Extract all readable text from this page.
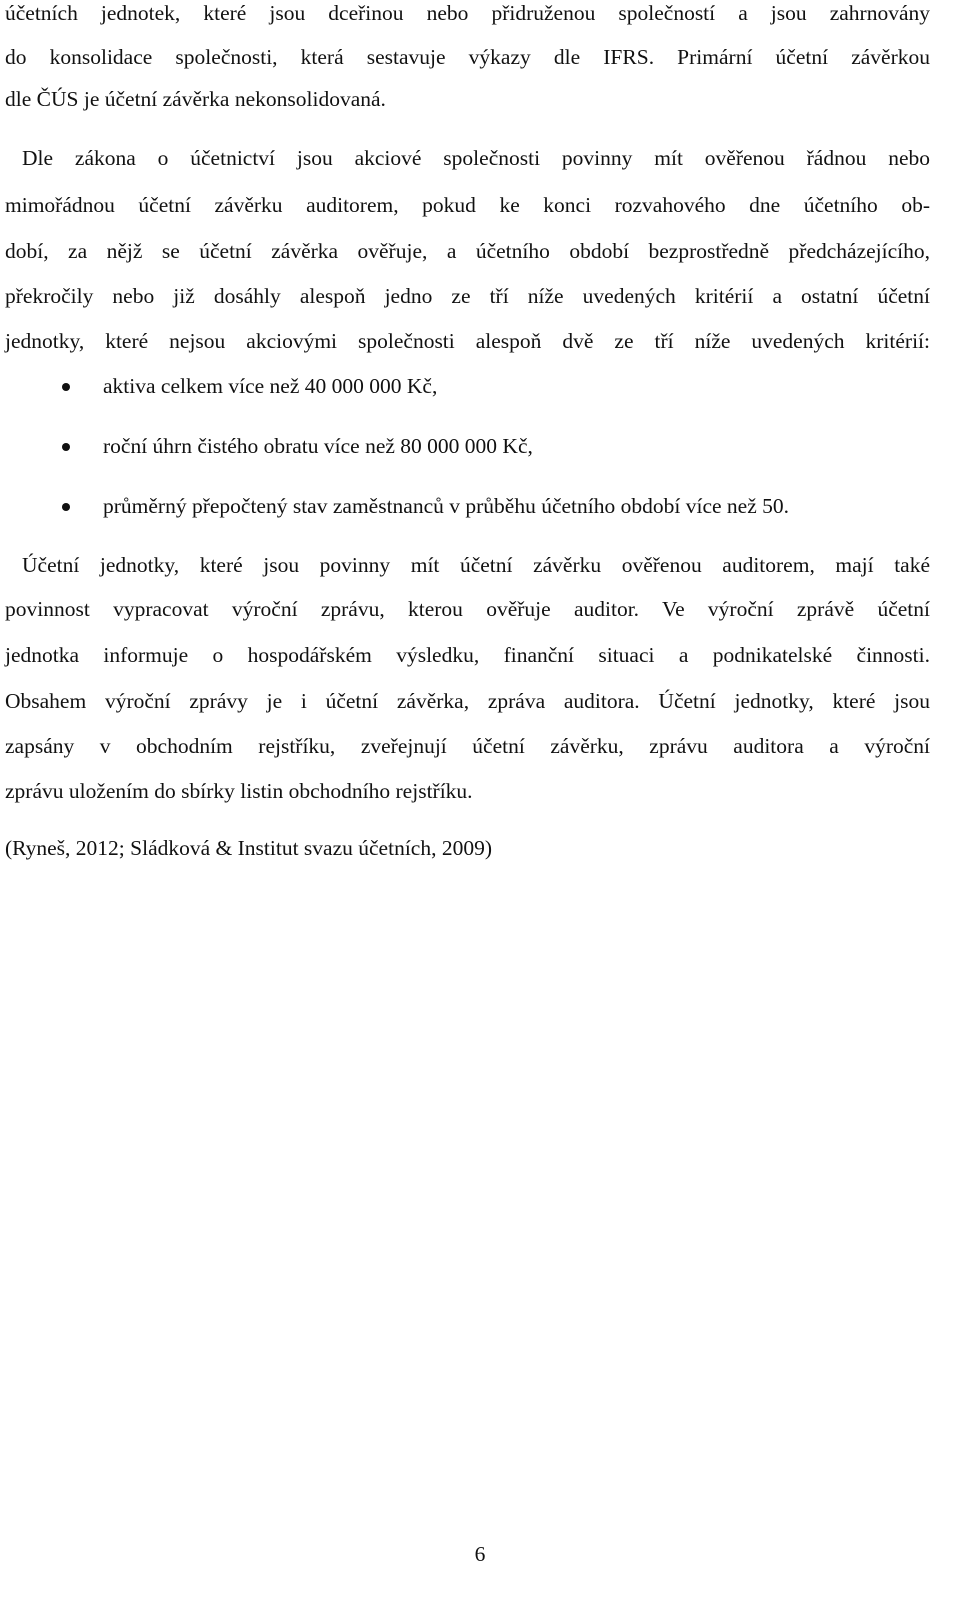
účetních jednotek, které jsou dceřinou nebo přidruženou společností a jsou zahrnovány
do konsolidace společnosti, která sestavuje výkazy dle IFRS. Primární účetní závěrkou
dle ČÚS je účetní závěrka nekonsolidovaná.
Dle zákona o účetnictví jsou akciové společnosti povinny mít ověřenou řádnou nebo
mimořádnou účetní závěrku auditorem, pokud ke konci rozvahového dne účetního ob-
dobí, za nějž se účetní závěrka ověřuje, a účetního období bezprostředně předcházejícího,
překročily nebo již dosáhly alespoň jedno ze tří níže uvedených kritérií a ostatní účetní
jednotky, které nejsou akciovými společnosti alespoň dvě ze tří níže uvedených kritérií:
aktiva celkem více než 40 000 000 Kč,
roční úhrn čistého obratu více než 80 000 000 Kč,
průměrný přepočtený stav zaměstnanců v průběhu účetního období více než 50.
Účetní jednotky, které jsou povinny mít účetní závěrku ověřenou auditorem, mají také
povinnost vypracovat výroční zprávu, kterou ověřuje auditor. Ve výroční zprávě účetní
jednotka informuje o hospodářském výsledku, finanční situaci a podnikatelské činnosti.
Obsahem výroční zprávy je i účetní závěrka, zpráva auditora. Účetní jednotky, které jsou
zapsány v obchodním rejstříku, zveřejnují účetní závěrku, zprávu auditora a výroční
zprávu uložením do sbírky listin obchodního rejstříku.
(Ryneš, 2012; Sládková & Institut svazu účetních, 2009)
6
